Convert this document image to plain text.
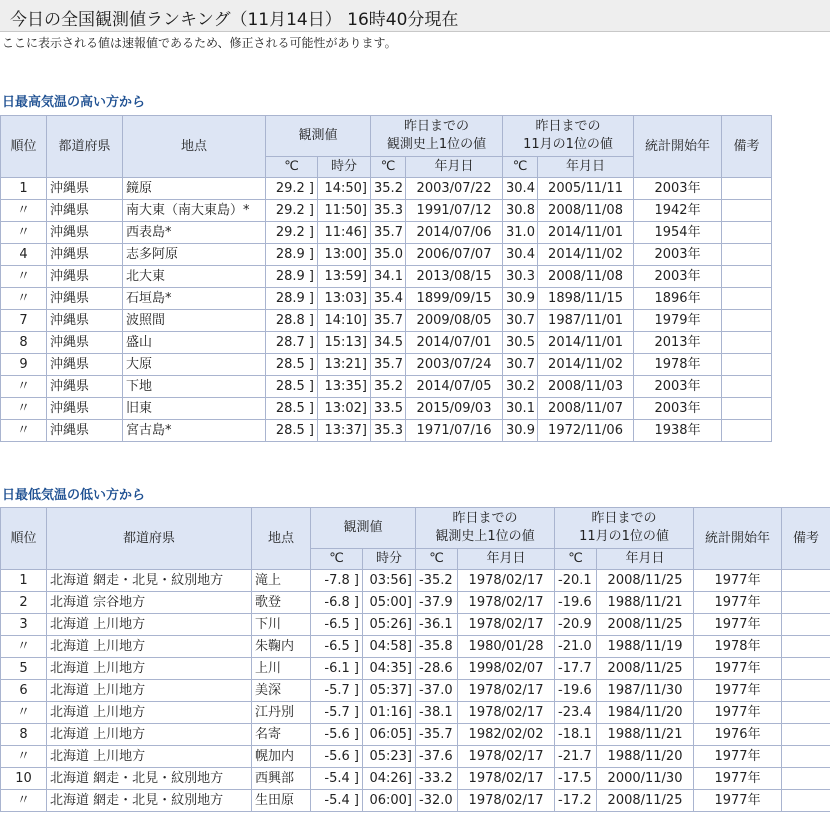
今日の全国観測値ランキング（11月14日） 16時40分現在
ここに表示される値は速報値であるため、修正される可能性があります。
日最高気温の高い方から
順位	都道府県	地点	観測値		昨日までの
観測史上1位の値		昨日までの
11月の1位の値		統計開始年	備考
			℃	時分	℃	年月日	℃	年月日		
1	沖縄県	鏡原	29.2 ]	14:50]	35.2	2003/07/22	30.4	2005/11/11	2003年	
〃	沖縄県	南大東（南大東島）*	29.2 ]	11:50]	35.3	1991/07/12	30.8	2008/11/08	1942年	
〃	沖縄県	西表島*	29.2 ]	11:46]	35.7	2014/07/06	31.0	2014/11/01	1954年	
4	沖縄県	志多阿原	28.9 ]	13:00]	35.0	2006/07/07	30.4	2014/11/02	2003年	
〃	沖縄県	北大東	28.9 ]	13:59]	34.1	2013/08/15	30.3	2008/11/08	2003年	
〃	沖縄県	石垣島*	28.9 ]	13:03]	35.4	1899/09/15	30.9	1898/11/15	1896年	
7	沖縄県	波照間	28.8 ]	14:10]	35.7	2009/08/05	30.7	1987/11/01	1979年	
8	沖縄県	盛山	28.7 ]	15:13]	34.5	2014/07/01	30.5	2014/11/01	2013年	
9	沖縄県	大原	28.5 ]	13:21]	35.7	2003/07/24	30.7	2014/11/02	1978年	
〃	沖縄県	下地	28.5 ]	13:35]	35.2	2014/07/05	30.2	2008/11/03	2003年	
〃	沖縄県	旧東	28.5 ]	13:02]	33.5	2015/09/03	30.1	2008/11/07	2003年	
〃	沖縄県	宮古島*	28.5 ]	13:37]	35.3	1971/07/16	30.9	1972/11/06	1938年	
日最低気温の低い方から
順位	都道府県	地点	観測値		昨日までの
観測史上1位の値		昨日までの
11月の1位の値		統計開始年	備考
			℃	時分	℃	年月日	℃	年月日		
1	北海道 網走・北見・紋別地方	滝上	-7.8 ]	03:56]	-35.2	1978/02/17	-20.1	2008/11/25	1977年	
2	北海道 宗谷地方	歌登	-6.8 ]	05:00]	-37.9	1978/02/17	-19.6	1988/11/21	1977年	
3	北海道 上川地方	下川	-6.5 ]	05:26]	-36.1	1978/02/17	-20.9	2008/11/25	1977年	
〃	北海道 上川地方	朱鞠内	-6.5 ]	04:58]	-35.8	1980/01/28	-21.0	1988/11/19	1978年	
5	北海道 上川地方	上川	-6.1 ]	04:35]	-28.6	1998/02/07	-17.7	2008/11/25	1977年	
6	北海道 上川地方	美深	-5.7 ]	05:37]	-37.0	1978/02/17	-19.6	1987/11/30	1977年	
〃	北海道 上川地方	江丹別	-5.7 ]	01:16]	-38.1	1978/02/17	-23.4	1984/11/20	1977年	
8	北海道 上川地方	名寄	-5.6 ]	06:05]	-35.7	1982/02/02	-18.1	1988/11/21	1976年	
〃	北海道 上川地方	幌加内	-5.6 ]	05:23]	-37.6	1978/02/17	-21.7	1988/11/20	1977年	
10	北海道 網走・北見・紋別地方	西興部	-5.4 ]	04:26]	-33.2	1978/02/17	-17.5	2000/11/30	1977年	
〃	北海道 網走・北見・紋別地方	生田原	-5.4 ]	06:00]	-32.0	1978/02/17	-17.2	2008/11/25	1977年	
